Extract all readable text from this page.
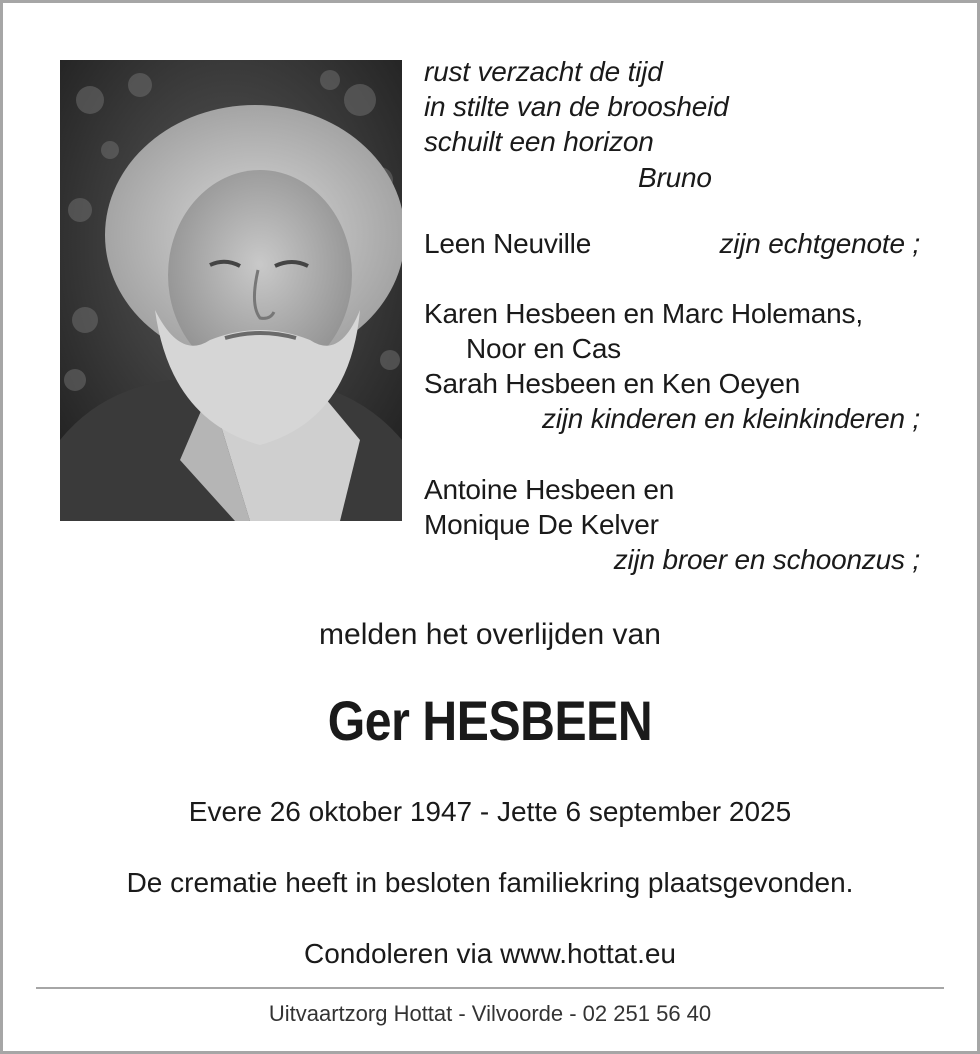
rust verzacht de tijd
in stilte van de broosheid
schuilt een horizon

Bruno

Leen Neuville	zijn echtgenote ;

Karen Hesbeen en Marc Holemans,

Noor en Cas

Sarah Hesbeen en Ken Oeyen

zijn kinderen en kleinkinderen ;

Antoine Hesbeen en

Monique De Kelver

zijn broer en schoonzus ;

melden het overlijden van

Ger HESBEEN

Evere 26 oktober 1947 - Jette 6 september 2025

De crematie heeft in besloten familiekring plaatsgevonden.

Condoleren via www.hottat.eu

Uitvaartzorg Hottat - Vilvoorde - 02 251 56 40
